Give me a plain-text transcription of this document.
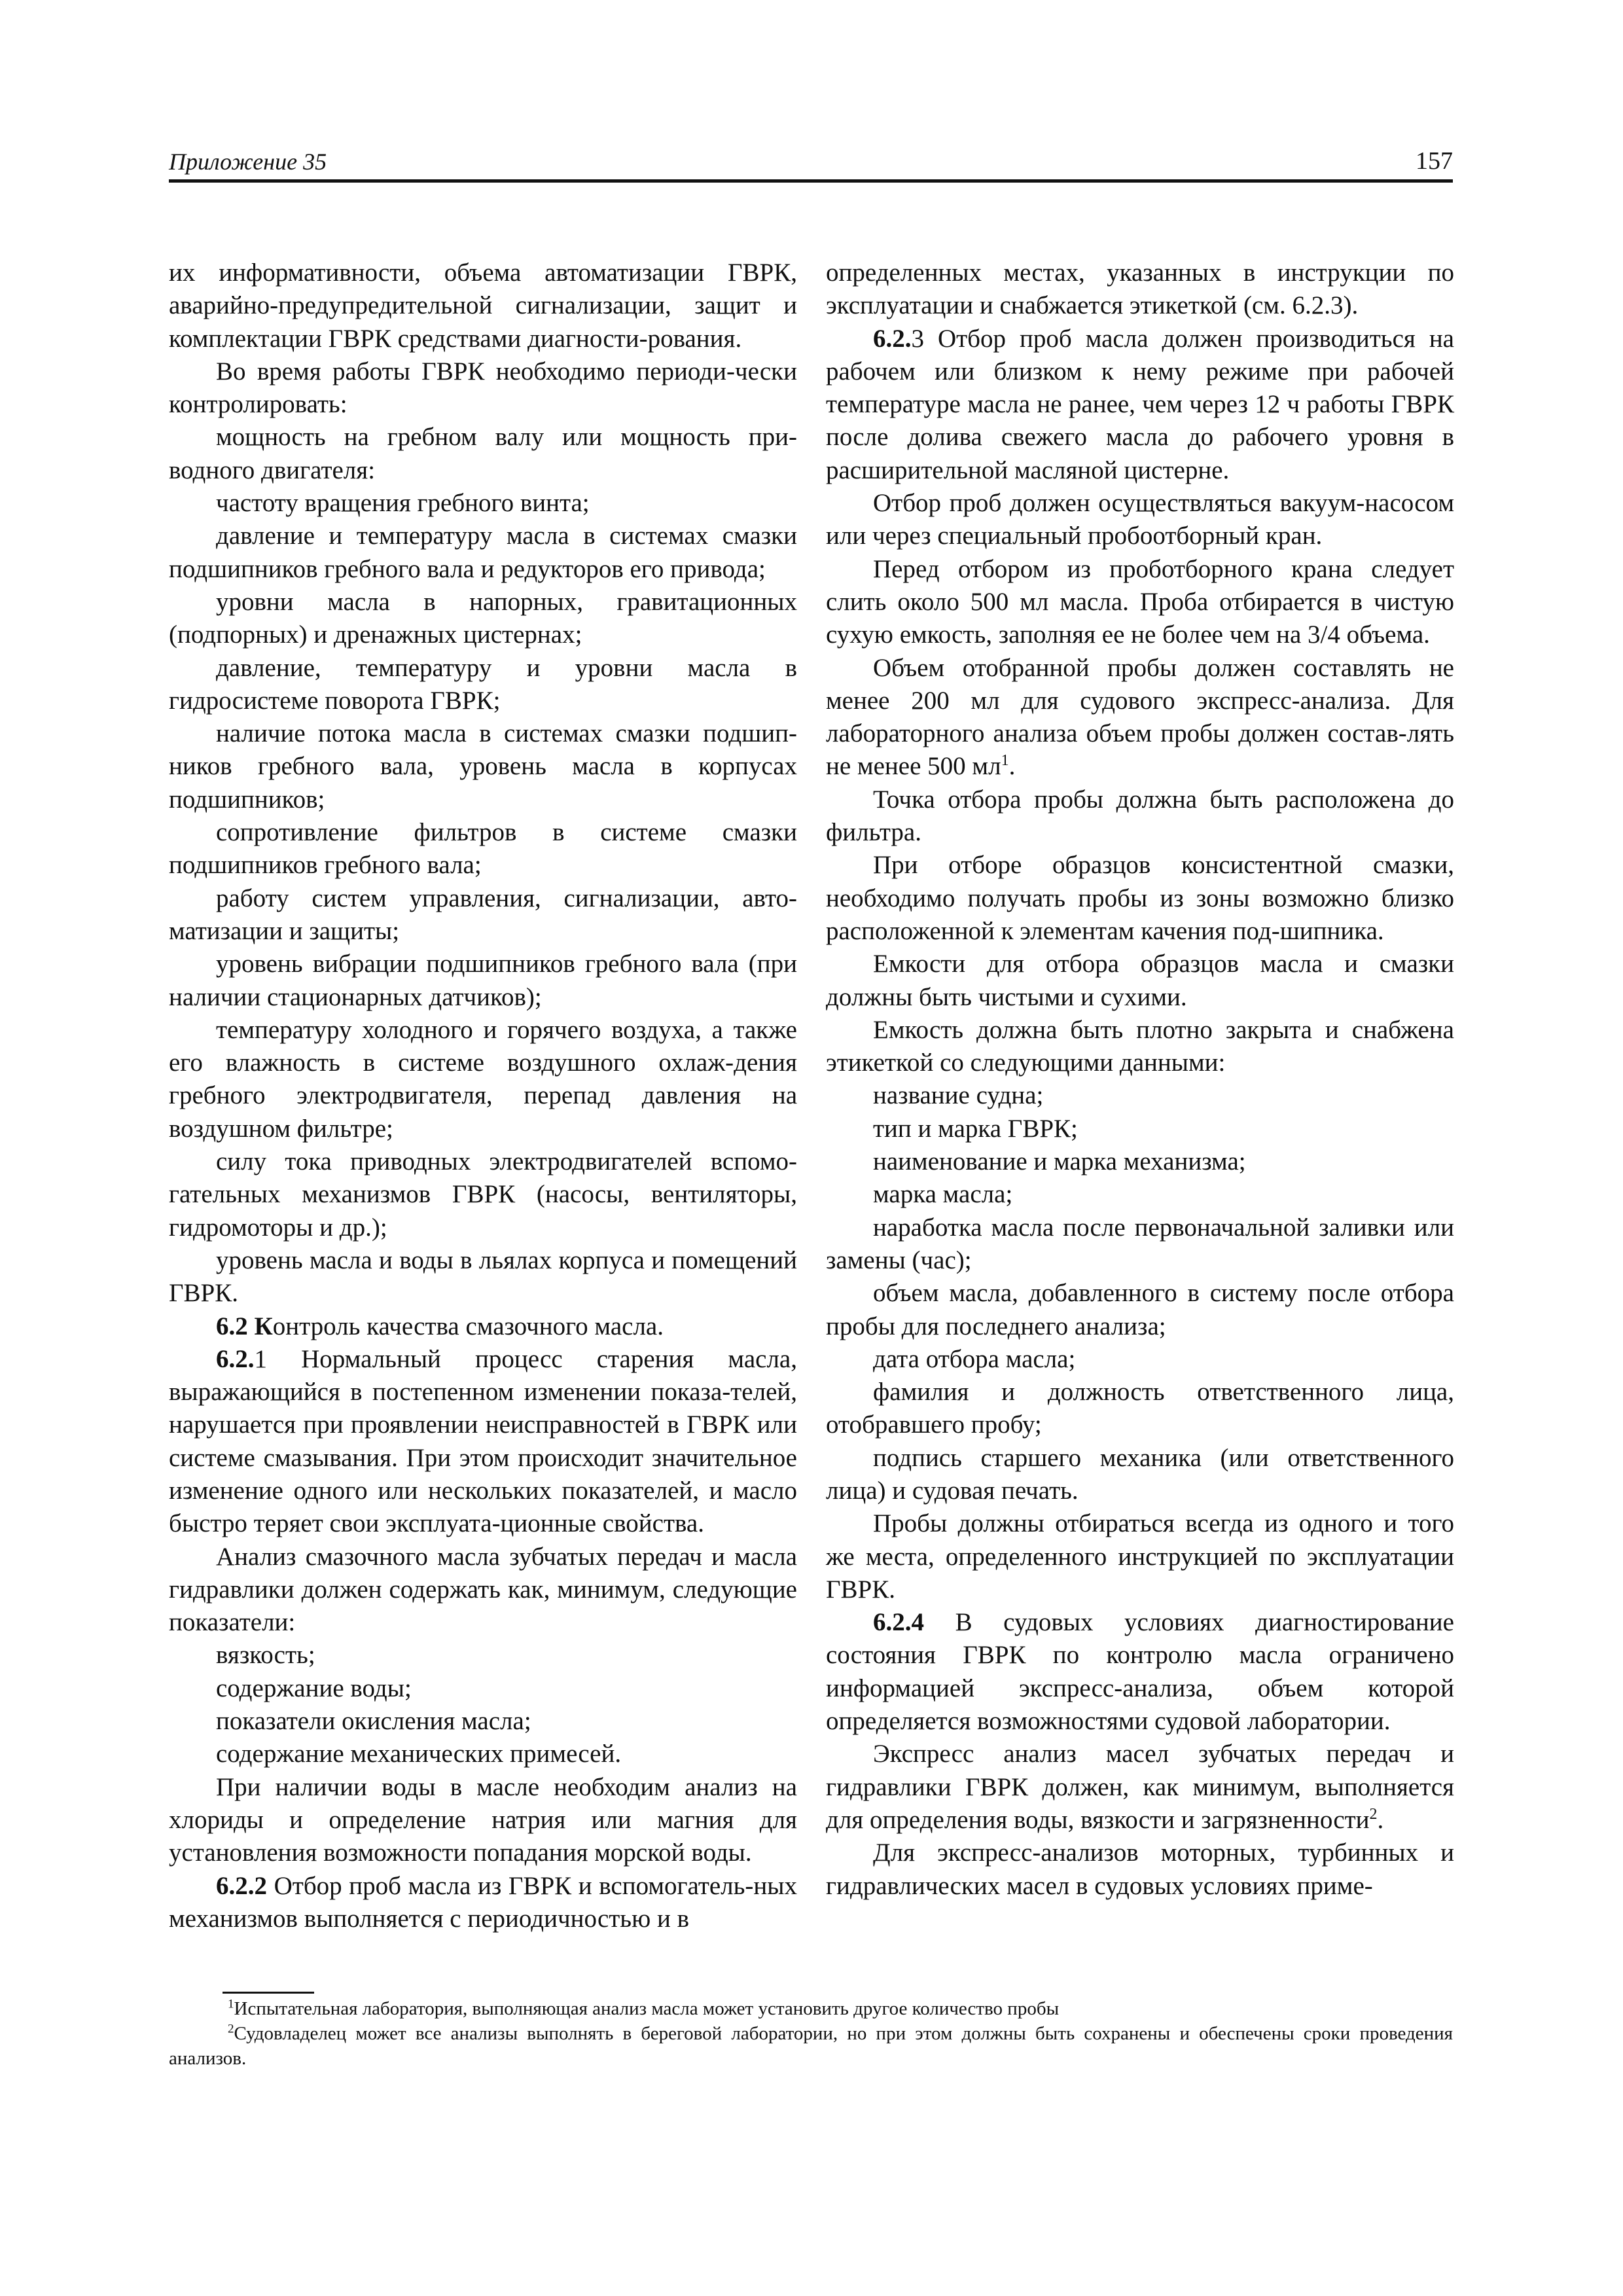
Приложение 35	157

их информативности, объема автоматизации ГВРК, аварийно-предупредительной сигнализации, защит и комплектации ГВРК средствами диагности-рования.

Во время работы ГВРК необходимо периоди-чески контролировать:

мощность на гребном валу или мощность при-водного двигателя:

частоту вращения гребного винта;

давление и температуру масла в системах смазки подшипников гребного вала и редукторов его привода;

уровни масла в напорных, гравитационных (подпорных) и дренажных цистернах;

давление, температуру и уровни масла в гидросистеме поворота ГВРК;

наличие потока масла в системах смазки подшип-ников гребного вала, уровень масла в корпусах подшипников;

сопротивление фильтров в системе смазки подшипников гребного вала;

работу систем управления, сигнализации, авто-матизации и защиты;

уровень вибрации подшипников гребного вала (при наличии стационарных датчиков);

температуру холодного и горячего воздуха, а также его влажность в системе воздушного охлаж-дения гребного электродвигателя, перепад давления на воздушном фильтре;

силу тока приводных электродвигателей вспомо-гательных механизмов ГВРК (насосы, вентиляторы, гидромоторы и др.);

уровень масла и воды в льялах корпуса и помещений ГВРК.

6.2 Контроль качества смазочного масла.

6.2.1 Нормальный процесс старения масла, выражающийся в постепенном изменении показа-телей, нарушается при проявлении неисправностей в ГВРК или системе смазывания. При этом происходит значительное изменение одного или нескольких показателей, и масло быстро теряет свои эксплуата-ционные свойства.

Анализ смазочного масла зубчатых передач и масла гидравлики должен содержать как, минимум, следующие показатели:

вязкость;

содержание воды;

показатели окисления масла;

содержание механических примесей.

При наличии воды в масле необходим анализ на хлориды и определение натрия или магния для установления возможности попадания морской воды.

6.2.2 Отбор проб масла из ГВРК и вспомогатель-ных механизмов выполняется с периодичностью и в

определенных местах, указанных в инструкции по эксплуатации и снабжается этикеткой (см. 6.2.3).

6.2.3 Отбор проб масла должен производиться на рабочем или близком к нему режиме при рабочей температуре масла не ранее, чем через 12 ч работы ГВРК после долива свежего масла до рабочего уровня в расширительной масляной цистерне.

Отбор проб должен осуществляться вакуум-насосом или через специальный пробоотборный кран.

Перед отбором из проботборного крана следует слить около 500 мл масла. Проба отбирается в чистую сухую емкость, заполняя ее не более чем на 3/4 объема.

Объем отобранной пробы должен составлять не менее 200 мл для судового экспресс-анализа. Для лабораторного анализа объем пробы должен состав-лять не менее 500 $мл^1$.

Точка отбора пробы должна быть расположена до фильтра.

При отборе образцов консистентной смазки, необходимо получать пробы из зоны возможно близко расположенной к элементам качения под-шипника.

Емкости для отбора образцов масла и смазки должны быть чистыми и сухими.

Емкость должна быть плотно закрыта и снабжена этикеткой со следующими данными:

название судна;

тип и марка ГВРК;

наименование и марка механизма;

марка масла;

наработка масла после первоначальной заливки или замены (час);

объем масла, добавленного в систему после отбора пробы для последнего анализа;

дата отбора масла;

фамилия и должность ответственного лица, отобравшего пробу;

подпись старшего механика (или ответственного лица) и судовая печать.

Пробы должны отбираться всегда из одного и того же места, определенного инструкцией по эксплуатации ГВРК.

6.2.4 В судовых условиях диагностирование состояния ГВРК по контролю масла ограничено информацией экспресс-анализа, объем которой определяется возможностями судовой лаборатории.

Экспресс анализ масел зубчатых передач и гидравлики ГВРК должен, как минимум, выполняется для определения воды, вязкости и загрязненности$^2$.

Для экспресс-анализов моторных, турбинных и гидравлических масел в судовых условиях приме-

$^1$Испытательная лаборатория, выполняющая анализ масла может установить другое количество пробы

$^2$Судовладелец может все анализы выполнять в береговой лаборатории, но при этом должны быть сохранены и обеспечены сроки проведения анализов.
